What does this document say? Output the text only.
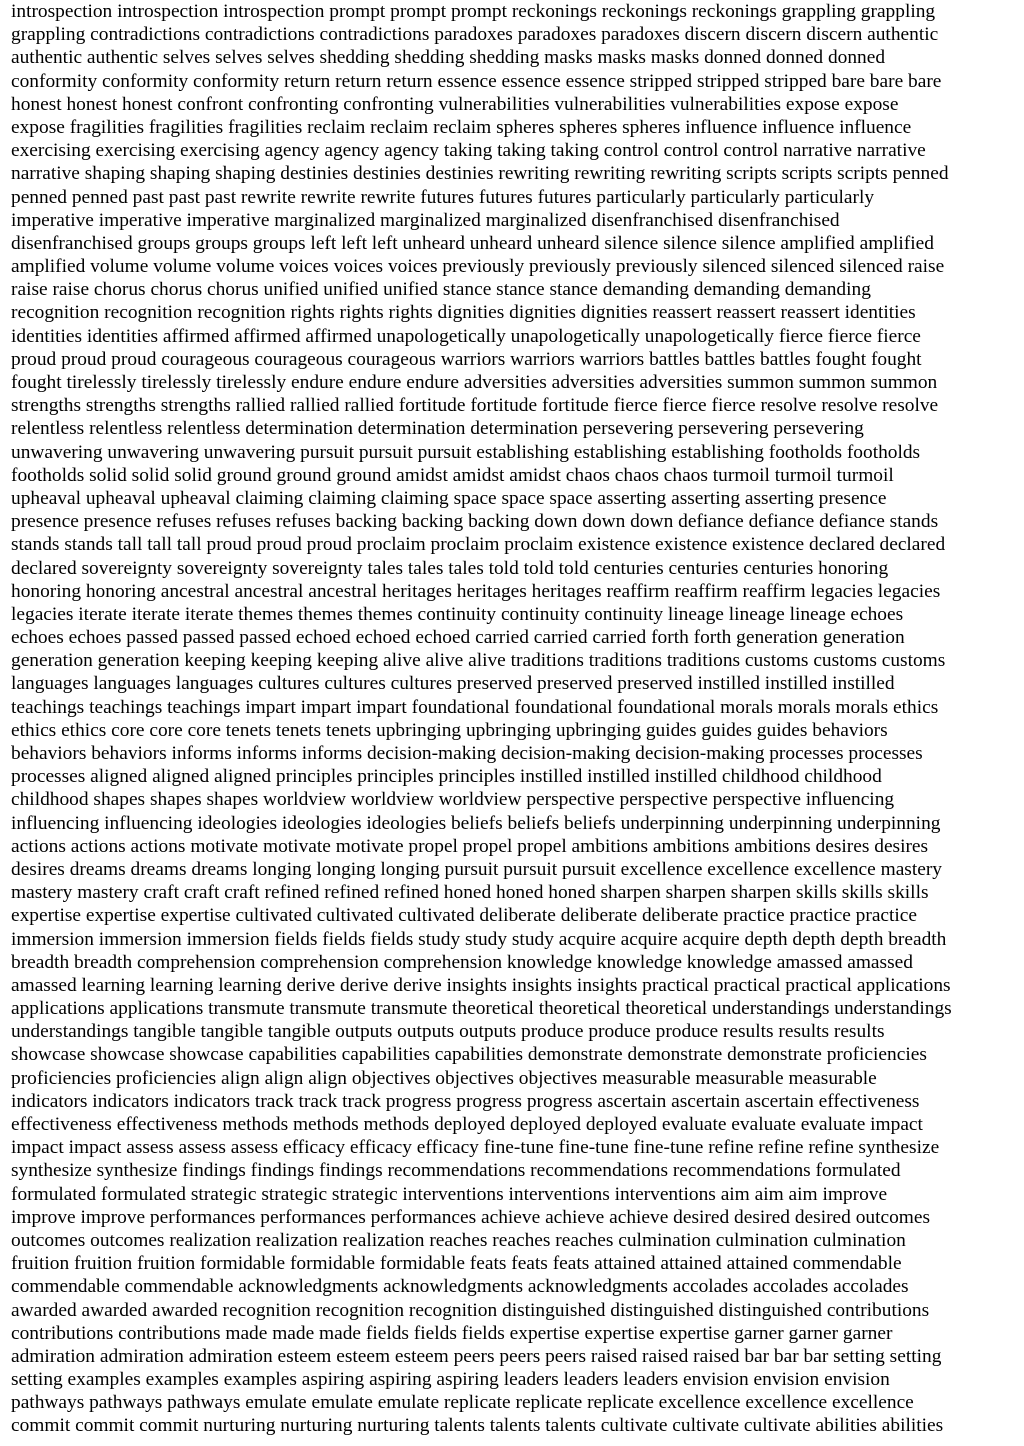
introspection introspection introspection prompt prompt prompt reckonings reckonings reckonings grappling grappling
grappling contradictions contradictions contradictions paradoxes paradoxes paradoxes discern discern discern authentic
authentic authentic selves selves selves shedding shedding shedding masks masks masks donned donned donned
conformity conformity conformity return return return essence essence essence stripped stripped stripped bare bare bare
honest honest honest confront confronting confronting vulnerabilities vulnerabilities vulnerabilities expose expose
expose fragilities fragilities fragilities reclaim reclaim reclaim spheres spheres spheres influence influence influence
exercising exercising exercising agency agency agency taking taking taking control control control narrative narrative
narrative shaping shaping shaping destinies destinies destinies rewriting rewriting rewriting scripts scripts scripts penned
penned penned past past past rewrite rewrite rewrite futures futures futures particularly particularly particularly
imperative imperative imperative marginalized marginalized marginalized disenfranchised disenfranchised
disenfranchised groups groups groups left left left unheard unheard unheard silence silence silence amplified amplified
amplified volume volume volume voices voices voices previously previously previously silenced silenced silenced raise
raise raise chorus chorus chorus unified unified unified stance stance stance demanding demanding demanding
recognition recognition recognition rights rights rights dignities dignities dignities reassert reassert reassert identities
identities identities affirmed affirmed affirmed unapologetically unapologetically unapologetically fierce fierce fierce
proud proud proud courageous courageous courageous warriors warriors warriors battles battles battles fought fought
fought tirelessly tirelessly tirelessly endure endure endure adversities adversities adversities summon summon summon
strengths strengths strengths rallied rallied rallied fortitude fortitude fortitude fierce fierce fierce resolve resolve resolve
relentless relentless relentless determination determination determination persevering persevering persevering
unwavering unwavering unwavering pursuit pursuit pursuit establishing establishing establishing footholds footholds
footholds solid solid solid ground ground ground amidst amidst amidst chaos chaos chaos turmoil turmoil turmoil
upheaval upheaval upheaval claiming claiming claiming space space space asserting asserting asserting presence
presence presence refuses refuses refuses backing backing backing down down down defiance defiance defiance stands
stands stands tall tall tall proud proud proud proclaim proclaim proclaim existence existence existence declared declared
declared sovereignty sovereignty sovereignty tales tales tales told told told centuries centuries centuries honoring
honoring honoring ancestral ancestral ancestral heritages heritages heritages reaffirm reaffirm reaffirm legacies legacies
legacies iterate iterate iterate themes themes themes continuity continuity continuity lineage lineage lineage echoes
echoes echoes passed passed passed echoed echoed echoed carried carried carried forth forth generation generation
generation generation keeping keeping keeping alive alive alive traditions traditions traditions customs customs customs
languages languages languages cultures cultures cultures preserved preserved preserved instilled instilled instilled
teachings teachings teachings impart impart impart foundational foundational foundational morals morals morals ethics
ethics ethics core core core tenets tenets tenets upbringing upbringing upbringing guides guides guides behaviors
behaviors behaviors informs informs informs decision-making decision-making decision-making processes processes
processes aligned aligned aligned principles principles principles instilled instilled instilled childhood childhood
childhood shapes shapes shapes worldview worldview worldview perspective perspective perspective influencing
influencing influencing ideologies ideologies ideologies beliefs beliefs beliefs underpinning underpinning underpinning
actions actions actions motivate motivate motivate propel propel propel ambitions ambitions ambitions desires desires
desires dreams dreams dreams longing longing longing pursuit pursuit pursuit excellence excellence excellence mastery
mastery mastery craft craft craft refined refined refined honed honed honed sharpen sharpen sharpen skills skills skills
expertise expertise expertise cultivated cultivated cultivated deliberate deliberate deliberate practice practice practice
immersion immersion immersion fields fields fields study study study acquire acquire acquire depth depth depth breadth
breadth breadth comprehension comprehension comprehension knowledge knowledge knowledge amassed amassed
amassed learning learning learning derive derive derive insights insights insights practical practical practical applications
applications applications transmute transmute transmute theoretical theoretical theoretical understandings understandings
understandings tangible tangible tangible outputs outputs outputs produce produce produce results results results
showcase showcase showcase capabilities capabilities capabilities demonstrate demonstrate demonstrate proficiencies
proficiencies proficiencies align align align objectives objectives objectives measurable measurable measurable
indicators indicators indicators track track track progress progress progress ascertain ascertain ascertain effectiveness
effectiveness effectiveness methods methods methods deployed deployed deployed evaluate evaluate evaluate impact
impact impact assess assess assess efficacy efficacy efficacy fine-tune fine-tune fine-tune refine refine refine synthesize
synthesize synthesize findings findings findings recommendations recommendations recommendations formulated
formulated formulated strategic strategic strategic interventions interventions interventions aim aim aim improve
improve improve performances performances performances achieve achieve achieve desired desired desired outcomes
outcomes outcomes realization realization realization reaches reaches reaches culmination culmination culmination
fruition fruition fruition formidable formidable formidable feats feats feats attained attained attained commendable
commendable commendable acknowledgments acknowledgments acknowledgments accolades accolades accolades
awarded awarded awarded recognition recognition recognition distinguished distinguished distinguished contributions
contributions contributions made made made fields fields fields expertise expertise expertise garner garner garner
admiration admiration admiration esteem esteem esteem peers peers peers raised raised raised bar bar bar setting setting
setting examples examples examples aspiring aspiring aspiring leaders leaders leaders envision envision envision
pathways pathways pathways emulate emulate emulate replicate replicate replicate excellence excellence excellence
commit commit commit nurturing nurturing nurturing talents talents talents cultivate cultivate cultivate abilities abilities
